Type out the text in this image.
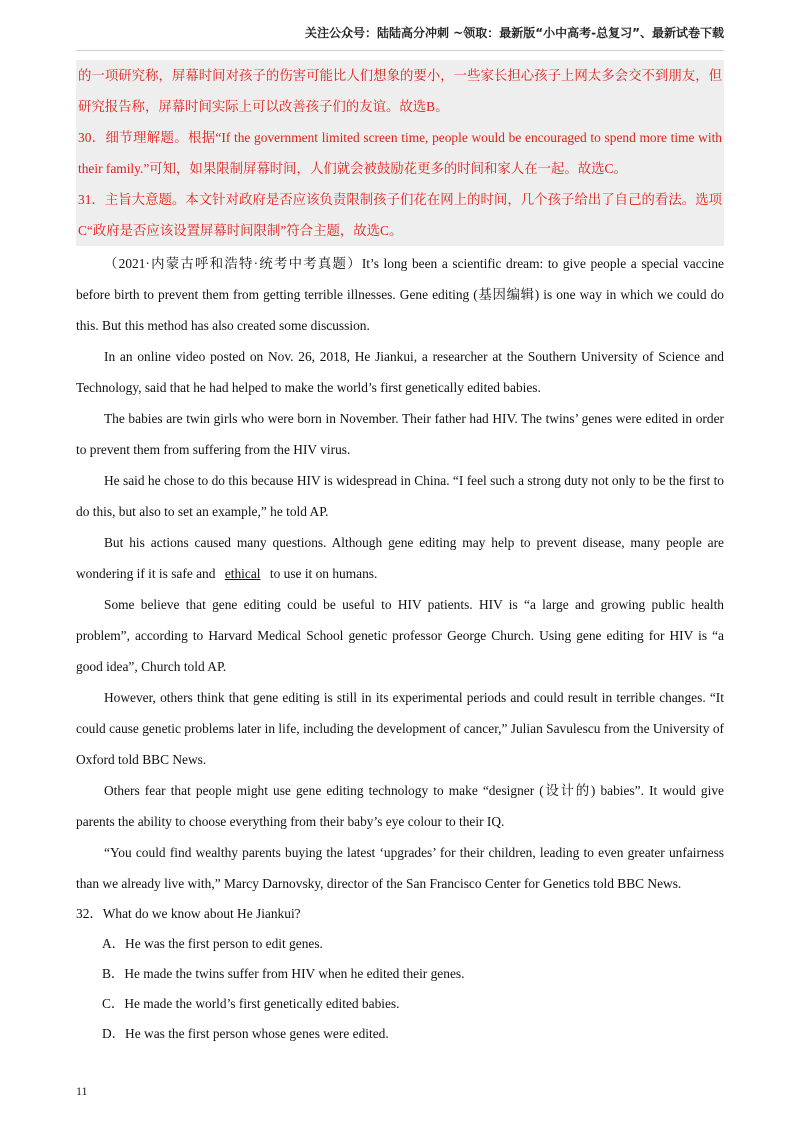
关注公众号：陆陆高分冲刺 ~领取：最新版“小中高考-总复习”、最新试卷下载

的一项研究称，屏幕时间对孩子的伤害可能比人们想象的要小，一些家长担心孩子上网太多会交不到朋友，但研究报告称，屏幕时间实际上可以改善孩子们的友谊。故选B。

30．细节理解题。根据“If the government limited screen time, people would be encouraged to spend more time with their family.”可知，如果限制屏幕时间，人们就会被鼓励花更多的时间和家人在一起。故选C。

31．主旨大意题。本文针对政府是否应该负责限制孩子们花在网上的时间，几个孩子给出了自己的看法。选项C“政府是否应该设置屏幕时间限制”符合主题，故选C。

（2021·内蒙古呼和浩特·统考中考真题）It’s long been a scientific dream: to give people a special vaccine before birth to prevent them from getting terrible illnesses. Gene editing (基因编辑) is one way in which we could do this. But this method has also created some discussion.

In an online video posted on Nov. 26, 2018, He Jiankui, a researcher at the Southern University of Science and Technology, said that he had helped to make the world’s first genetically edited babies.

The babies are twin girls who were born in November. Their father had HIV. The twins’ genes were edited in order to prevent them from suffering from the HIV virus.

He said he chose to do this because HIV is widespread in China. “I feel such a strong duty not only to be the first to do this, but also to set an example,” he told AP.

But his actions caused many questions. Although gene editing may help to prevent disease, many people are wondering if it is safe and ethical to use it on humans.

Some believe that gene editing could be useful to HIV patients. HIV is “a large and growing public health problem”, according to Harvard Medical School genetic professor George Church. Using gene editing for HIV is “a good idea”, Church told AP.

However, others think that gene editing is still in its experimental periods and could result in terrible changes. “It could cause genetic problems later in life, including the development of cancer,” Julian Savulescu from the University of Oxford told BBC News.

Others fear that people might use gene editing technology to make “designer (设计的) babies”. It would give parents the ability to choose everything from their baby’s eye colour to their IQ.

“You could find wealthy parents buying the latest ‘upgrades’ for their children, leading to even greater unfairness than we already live with,” Marcy Darnovsky, director of the San Francisco Center for Genetics told BBC News.

32．What do we know about He Jiankui?

A．He was the first person to edit genes.

B．He made the twins suffer from HIV when he edited their genes.

C．He made the world’s first genetically edited babies.

D．He was the first person whose genes were edited.

11
